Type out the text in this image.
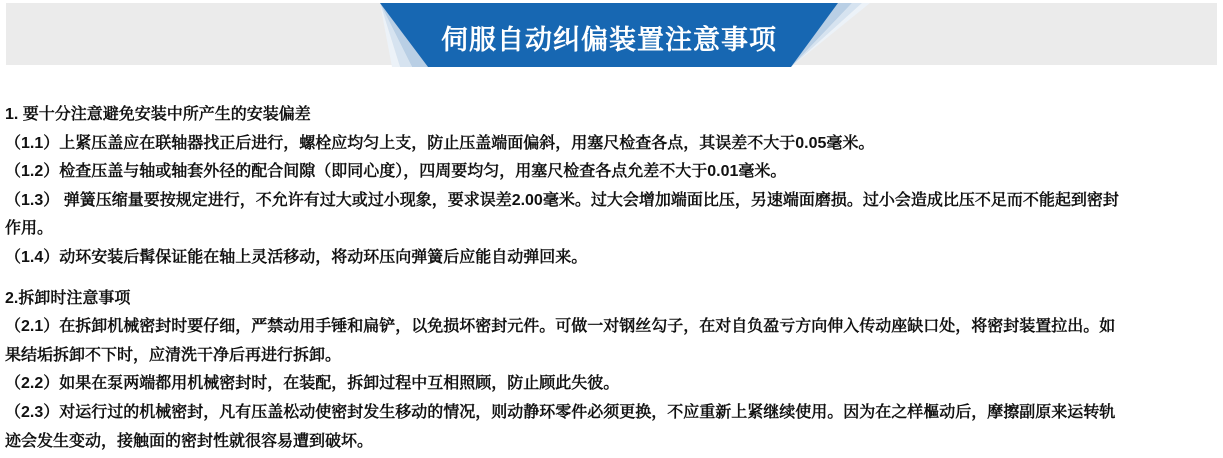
伺服自动纠偏装置注意事项
1. 要十分注意避免安装中所产生的安装偏差
（1.1）上紧压盖应在联轴器找正后进行，螺栓应均匀上支，防止压盖端面偏斜，用塞尺检查各点，其误差不大于0.05毫米。
（1.2）检查压盖与轴或轴套外径的配合间隙（即同心度），四周要均匀，用塞尺检查各点允差不大于0.01毫米。
（1.3） 弹簧压缩量要按规定进行，不允许有过大或过小现象，要求误差2.00毫米。过大会增加端面比压，另速端面磨损。过小会造成比压不足而不能起到密封
作用。
（1.4）动环安装后髯保证能在轴上灵活移动，将动环压向弹簧后应能自动弹回来。
2.拆卸时注意事项
（2.1）在拆卸机械密封时要仔细，严禁动用手锤和扁铲，以免损坏密封元件。可做一对钢丝勾子，在对自负盈亏方向伸入传动座缺口处，将密封装置拉出。如
果结垢拆卸不下时，应清洗干净后再进行拆卸。
（2.2）如果在泵两端都用机械密封时，在装配，拆卸过程中互相照顾，防止顾此失彼。
（2.3）对运行过的机械密封，凡有压盖松动使密封发生移动的情况，则动静环零件必须更换，不应重新上紧继续使用。因为在之样樞动后，摩擦副原来运转轨
迹会发生变动，接触面的密封性就很容易遭到破坏。
